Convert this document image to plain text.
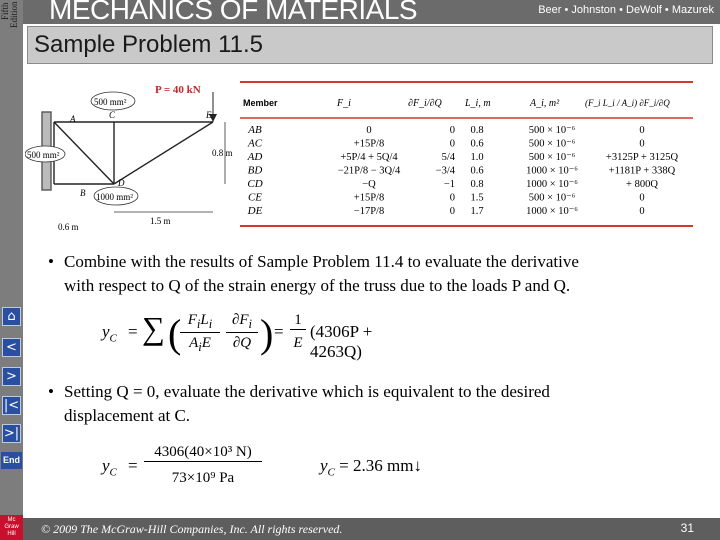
Fifth Edition
⌂
<
>
|<
>|
End
Mc Graw Hill
MECHANICS OF MATERIALS	Beer • Johnston • DeWolf • Mazurek
Sample Problem 11.5
P = 40 kN
500 mm²
500 mm²
1000 mm²
A	C	E
B
D
0.8 m
1.5 m
0.6 m
Member	F_i	∂F_i/∂Q L_i, m	A_i, m²	(F_i L_i / A_i) ∂F_i/∂Q
AB	0	0 0.8	500 × 10⁻⁶	0
AC	+15P/8	0 0.6	500 × 10⁻⁶	0
AD	+5P/4 + 5Q/4	5/4 1.0	500 × 10⁻⁶	+3125P + 3125Q
BD	−21P/8 − 3Q/4	−3/4 0.6	1000 × 10⁻⁶	+1181P + 338Q
CD	−Q	−1 0.8	1000 × 10⁻⁶	+ 800Q
CE	+15P/8	0 1.5	500 × 10⁻⁶	0
DE	−17P/8	0 1.7	1000 × 10⁻⁶	0
• Combine with the results of Sample Problem 11.4 to evaluate the derivative
with respect to Q of the strain energy of the truss due to the loads P and Q.
$y_C$ = ∑ ( $F_iL_i$
$A_iE$
$\partial F_i$
∂Q ) =
1
E
(4306P + 4263Q)
• Setting Q = 0, evaluate the derivative which is equivalent to the desired
displacement at C.
$y_C$ =
4306(40×10³ N)
73×10⁹ Pa
$y_C = 2.36$ mm↓
© 2009 The McGraw-Hill Companies, Inc. All rights reserved.	31
